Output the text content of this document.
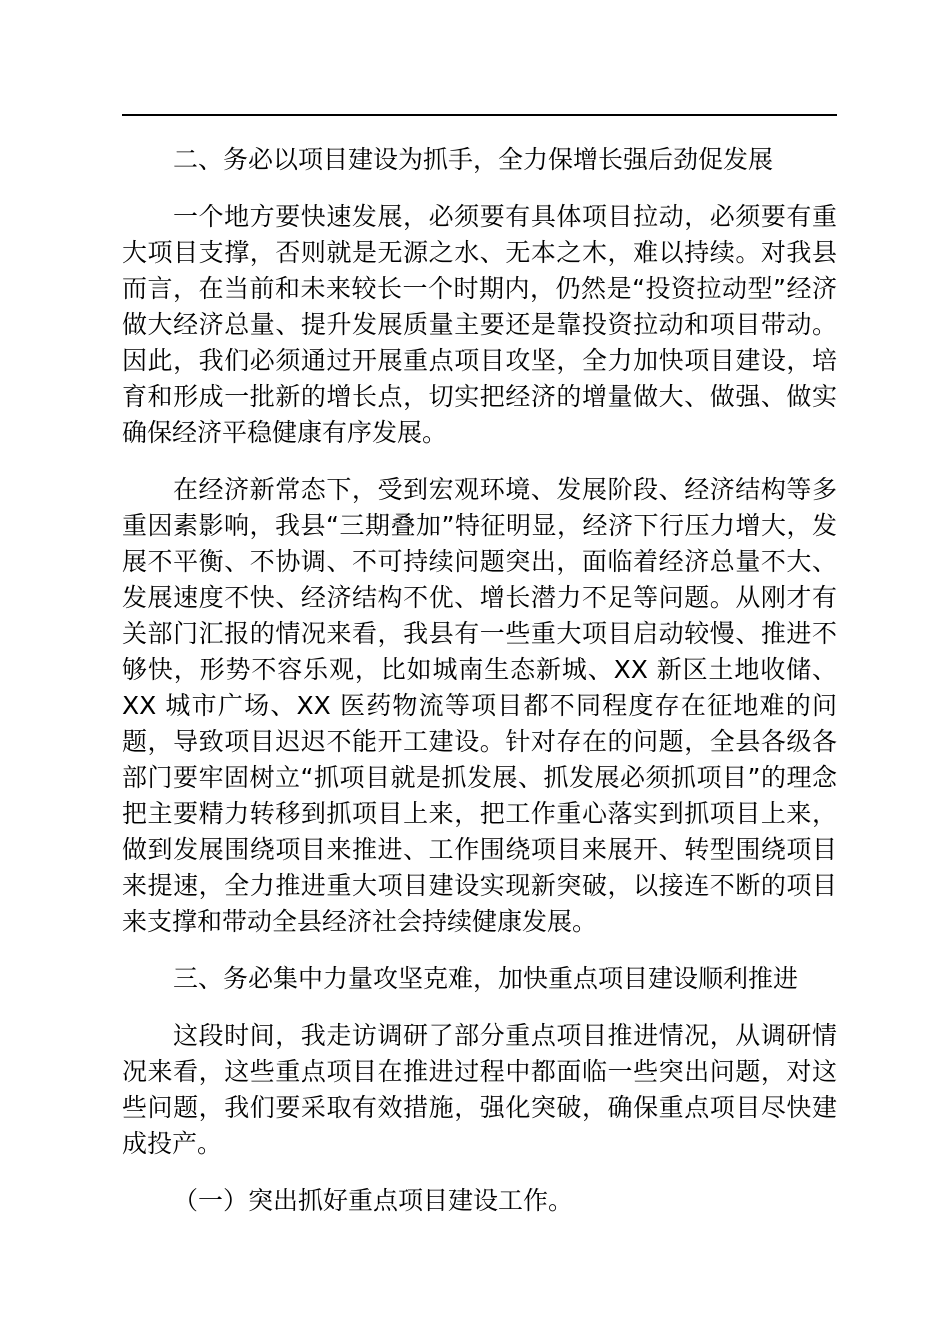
二、务必以项目建设为抓手，全力保增长强后劲促发展
一个地方要快速发展，必须要有具体项目拉动，必须要有重
大项目支撑，否则就是无源之水、无本之木，难以持续。对我县
而言，在当前和未来较长一个时期内，仍然是“投资拉动型”经济
做大经济总量、提升发展质量主要还是靠投资拉动和项目带动。
因此，我们必须通过开展重点项目攻坚，全力加快项目建设，培
育和形成一批新的增长点，切实把经济的增量做大、做强、做实
确保经济平稳健康有序发展。
在经济新常态下，受到宏观环境、发展阶段、经济结构等多
重因素影响，我县“三期叠加”特征明显，经济下行压力增大，发
展不平衡、不协调、不可持续问题突出，面临着经济总量不大、
发展速度不快、经济结构不优、增长潜力不足等问题。从刚才有
关部门汇报的情况来看，我县有一些重大项目启动较慢、推进不
够快，形势不容乐观，比如城南生态新城、XX 新区土地收储、
XX 城市广场、XX 医药物流等项目都不同程度存在征地难的问
题，导致项目迟迟不能开工建设。针对存在的问题，全县各级各
部门要牢固树立“抓项目就是抓发展、抓发展必须抓项目”的理念
把主要精力转移到抓项目上来，把工作重心落实到抓项目上来，
做到发展围绕项目来推进、工作围绕项目来展开、转型围绕项目
来提速，全力推进重大项目建设实现新突破，以接连不断的项目
来支撑和带动全县经济社会持续健康发展。
三、务必集中力量攻坚克难，加快重点项目建设顺利推进
这段时间，我走访调研了部分重点项目推进情况，从调研情
况来看，这些重点项目在推进过程中都面临一些突出问题，对这
些问题，我们要采取有效措施，强化突破，确保重点项目尽快建
成投产。
（一）突出抓好重点项目建设工作。
